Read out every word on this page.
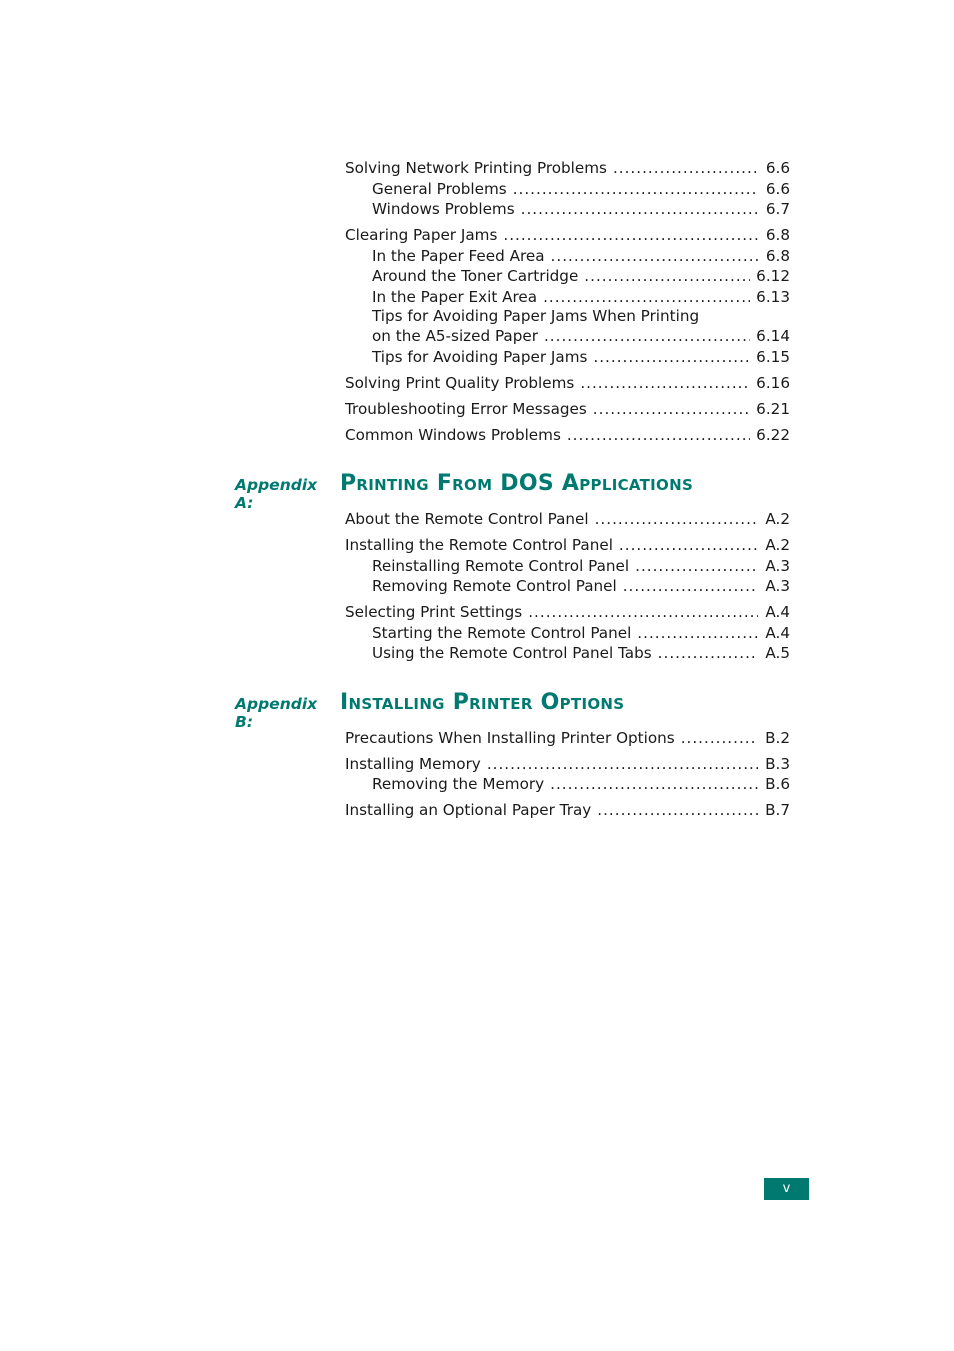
Solving Network Printing Problems .....	6.6
General Problems .....	6.6
Windows Problems .....	6.7
Clearing Paper Jams .....	6.8
In the Paper Feed Area .....	6.8
Around the Toner Cartridge .....	6.12
In the Paper Exit Area .....	6.13
Tips for Avoiding Paper Jams When Printing
on the A5-sized Paper .....	6.14
Tips for Avoiding Paper Jams .....	6.15
Solving Print Quality Problems .....	6.16
Troubleshooting Error Messages .....	6.21
Common Windows Problems .....	6.22
Appendix A:
Printing From DOS Applications
About the Remote Control Panel .....	A.2
Installing the Remote Control Panel .....	A.2
Reinstalling Remote Control Panel .....	A.3
Removing Remote Control Panel .....	A.3
Selecting Print Settings .....	A.4
Starting the Remote Control Panel .....	A.4
Using the Remote Control Panel Tabs .....	A.5
Appendix B:
Installing Printer Options
Precautions When Installing Printer Options .....	B.2
Installing Memory .....	B.3
Removing the Memory .....	B.6
Installing an Optional Paper Tray .....	B.7
v
